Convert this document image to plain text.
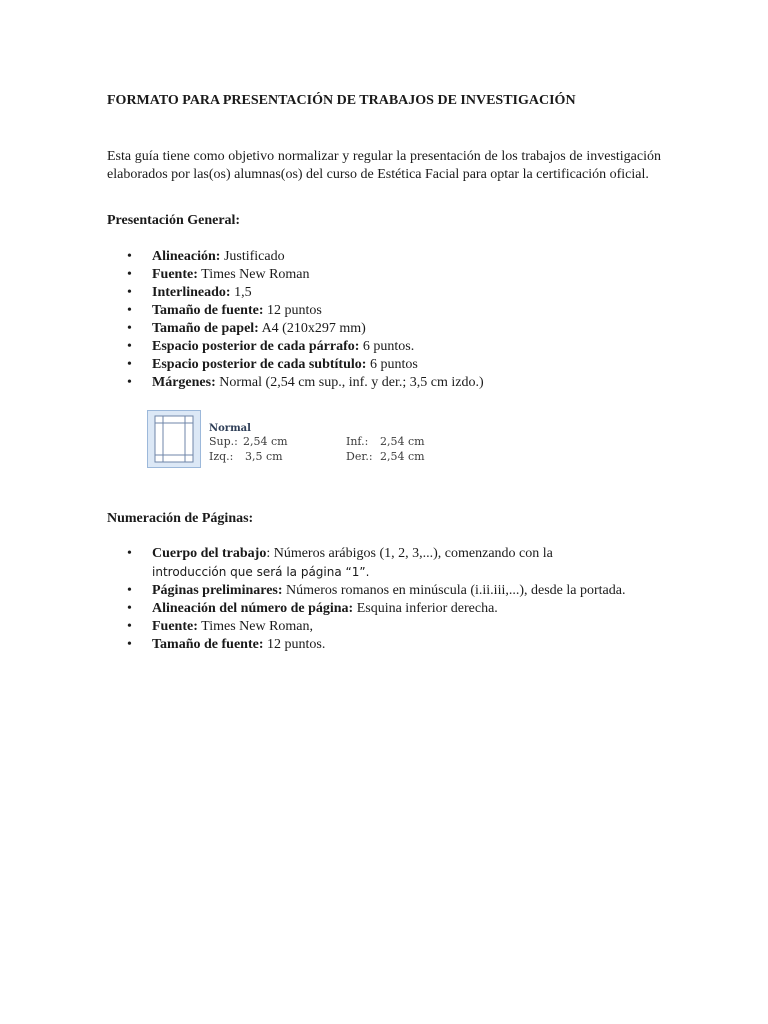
FORMATO PARA PRESENTACIÓN DE TRABAJOS DE INVESTIGACIÓN

Esta guía tiene como objetivo normalizar y regular la presentación de los trabajos de investigación elaborados por las(os) alumnas(os) del curso de Estética Facial para optar la certificación oficial.

Presentación General:
• Alineación: Justificado
• Fuente: Times New Roman
• Interlineado: 1,5
• Tamaño de fuente: 12 puntos
• Tamaño de papel: A4 (210x297 mm)
• Espacio posterior de cada párrafo: 6 puntos.
• Espacio posterior de cada subtítulo: 6 puntos
• Márgenes: Normal (2,54 cm sup., inf. y der.; 3,5 cm izdo.)
Normal
Sup.: 2,54 cm
Izq.: 3,5 cm
Inf.: 2,54 cm
Der.: 2,54 cm
Numeración de Páginas:
• Cuerpo del trabajo: Números arábigos (1, 2, 3,...), comenzando con la
introducción que será la página “1”.
• Páginas preliminares: Números romanos en minúscula (i.ii.iii,...), desde la portada.
• Alineación del número de página: Esquina inferior derecha.
• Fuente: Times New Roman,
• Tamaño de fuente: 12 puntos.
